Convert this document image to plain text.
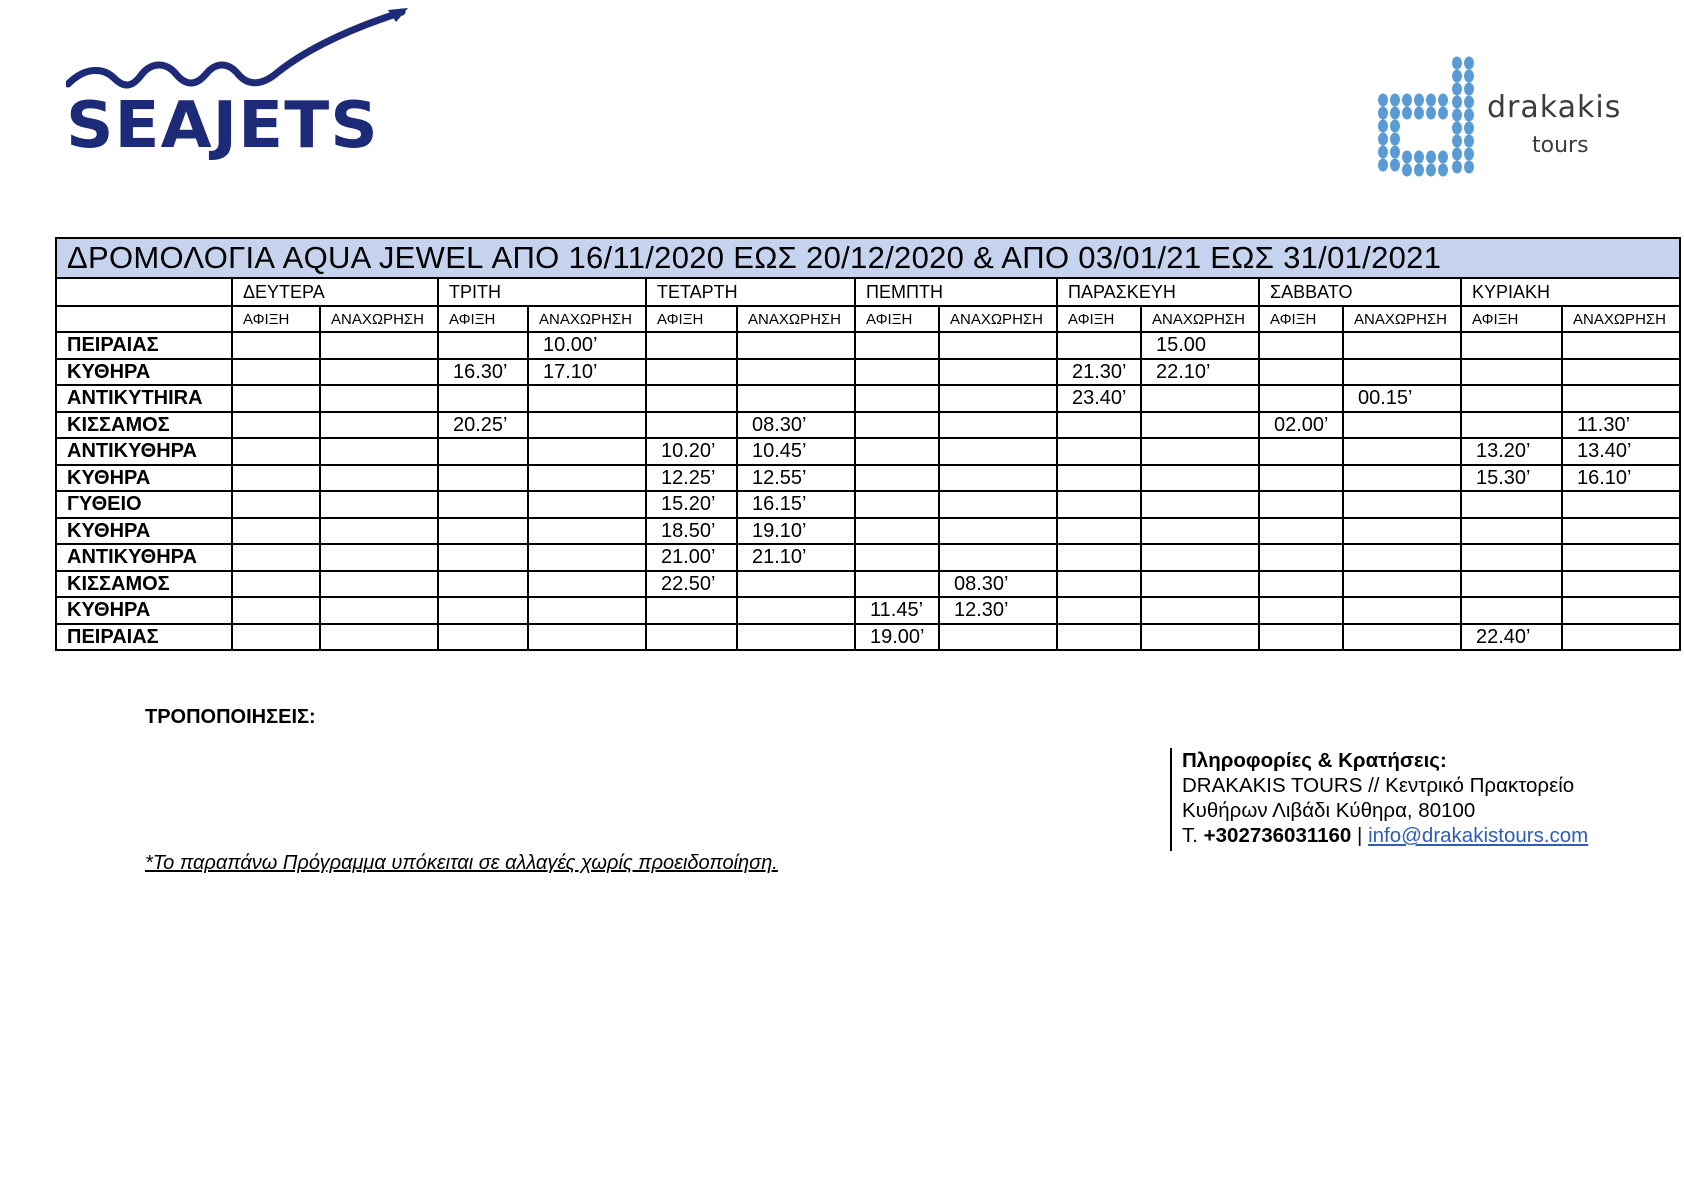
SEAJETS	drakakis
tours
ΔΡΟΜΟΛΟΓΙΑ AQUA JEWEL ΑΠΟ 16/11/2020 ΕΩΣ 20/12/2020 & ΑΠΟ 03/01/21 ΕΩΣ 31/01/2021														
	ΔΕΥΤΕΡΑ		ΤΡΙΤΗ		ΤΕΤΑΡΤΗ		ΠΕΜΠΤΗ		ΠΑΡΑΣΚΕΥΗ		ΣΑΒΒΑΤΟ		ΚΥΡΙΑΚΗ	
	ΑΦΙΞΗ	ΑΝΑΧΩΡΗΣΗ	ΑΦΙΞΗ	ΑΝΑΧΩΡΗΣΗ	ΑΦΙΞΗ	ΑΝΑΧΩΡΗΣΗ	ΑΦΙΞΗ	ΑΝΑΧΩΡΗΣΗ	ΑΦΙΞΗ	ΑΝΑΧΩΡΗΣΗ	ΑΦΙΞΗ	ΑΝΑΧΩΡΗΣΗ	ΑΦΙΞΗ	ΑΝΑΧΩΡΗΣΗ
ΠΕΙΡΑΙΑΣ				10.00’						15.00				
ΚΥΘΗΡΑ			16.30’	17.10’					21.30’	22.10’				
ANTIKYTHIRA									23.40’			00.15’		
ΚΙΣΣΑΜΟΣ			20.25’			08.30’					02.00’			11.30’
ΑΝΤΙΚΥΘΗΡΑ					10.20’	10.45’							13.20’	13.40’
ΚΥΘΗΡΑ					12.25’	12.55’							15.30’	16.10’
ΓΥΘΕΙΟ					15.20’	16.15’								
ΚΥΘΗΡΑ					18.50’	19.10’								
ΑΝΤΙΚΥΘΗΡΑ					21.00’	21.10’								
ΚΙΣΣΑΜΟΣ					22.50’			08.30’						
ΚΥΘΗΡΑ							11.45’	12.30’						
ΠΕΙΡΑΙΑΣ							19.00’						22.40’	
ΤΡΟΠΟΠΟΙΗΣΕΙΣ:
Πληροφορίες & Κρατήσεις:
DRAKAKIS TOURS // Κεντρικό Πρακτορείο
Κυθήρων Λιβάδι Κύθηρα, 80100
Τ. +302736031160 | info@drakakistours.com
*Το παραπάνω Πρόγραμμα υπόκειται σε αλλαγές χωρίς προειδοποίηση.
